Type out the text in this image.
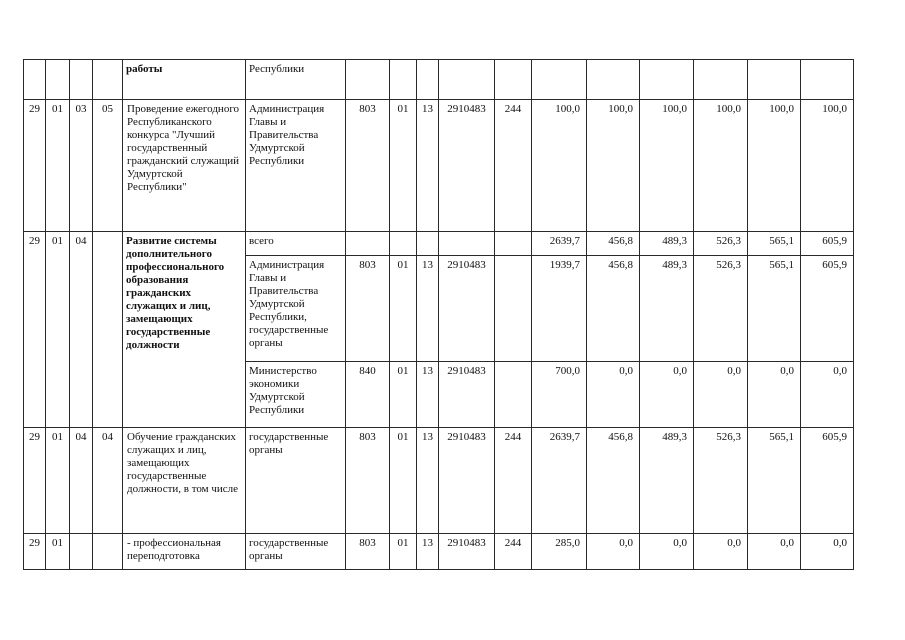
				работы	Республики											
29	01	03	05	Проведение ежегодного Республиканского конкурса "Лучший государственный гражданский служащий Удмуртской Республики"	Администрация Главы и Правительства Удмуртской Республики	803	01	13	2910483	244	100,0	100,0	100,0	100,0	100,0	100,0
29	01	04		Развитие системы дополнительного профессионального образования гражданских служащих и лиц, замещающих государственные должности	всего						2639,7	456,8	489,3	526,3	565,1	605,9
					Администрация Главы и Правительства Удмуртской Республики, государственные органы	803	01	13	2910483		1939,7	456,8	489,3	526,3	565,1	605,9
					Министерство экономики Удмуртской Республики	840	01	13	2910483		700,0	0,0	0,0	0,0	0,0	0,0
29	01	04	04	Обучение гражданских служащих и лиц, замещающих государственные должности, в том числе	государственные органы	803	01	13	2910483	244	2639,7	456,8	489,3	526,3	565,1	605,9
29	01			- профессиональная переподготовка	государственные органы	803	01	13	2910483	244	285,0	0,0	0,0	0,0	0,0	0,0
